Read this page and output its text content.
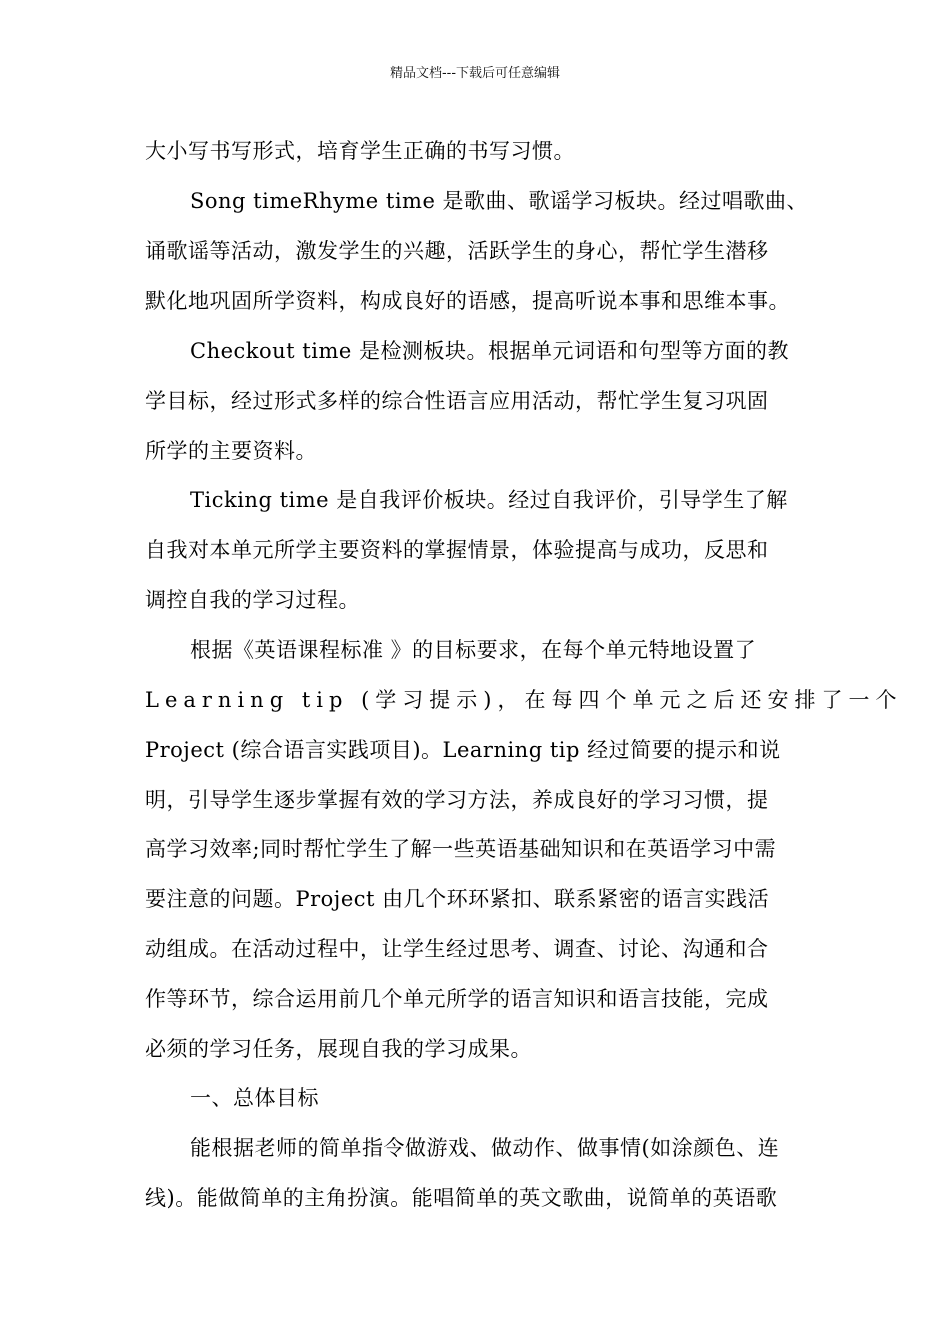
精品文档---下载后可任意编辑
大小写书写形式，培育学生正确的书写习惯。
Song timeRhyme time 是歌曲、歌谣学习板块。经过唱歌曲、
诵歌谣等活动，激发学生的兴趣，活跃学生的身心，帮忙学生潜移
默化地巩固所学资料，构成良好的语感，提高听说本事和思维本事。
Checkout time 是检测板块。根据单元词语和句型等方面的教
学目标，经过形式多样的综合性语言应用活动，帮忙学生复习巩固
所学的主要资料。
Ticking time 是自我评价板块。经过自我评价，引导学生了解
自我对本单元所学主要资料的掌握情景，体验提高与成功，反思和
调控自我的学习过程。
根据《英语课程标准 》的目标要求，在每个单元特地设置了
Learning tip (学习提示)，在每四个单元之后还安排了一个
Project (综合语言实践项目)。Learning tip 经过简要的提示和说
明，引导学生逐步掌握有效的学习方法，养成良好的学习习惯，提
高学习效率;同时帮忙学生了解一些英语基础知识和在英语学习中需
要注意的问题。Project 由几个环环紧扣、联系紧密的语言实践活
动组成。在活动过程中，让学生经过思考、调查、讨论、沟通和合
作等环节，综合运用前几个单元所学的语言知识和语言技能，完成
必须的学习任务，展现自我的学习成果。
一、总体目标
能根据老师的简单指令做游戏、做动作、做事情(如涂颜色、连
线)。能做简单的主角扮演。能唱简单的英文歌曲，说简单的英语歌
